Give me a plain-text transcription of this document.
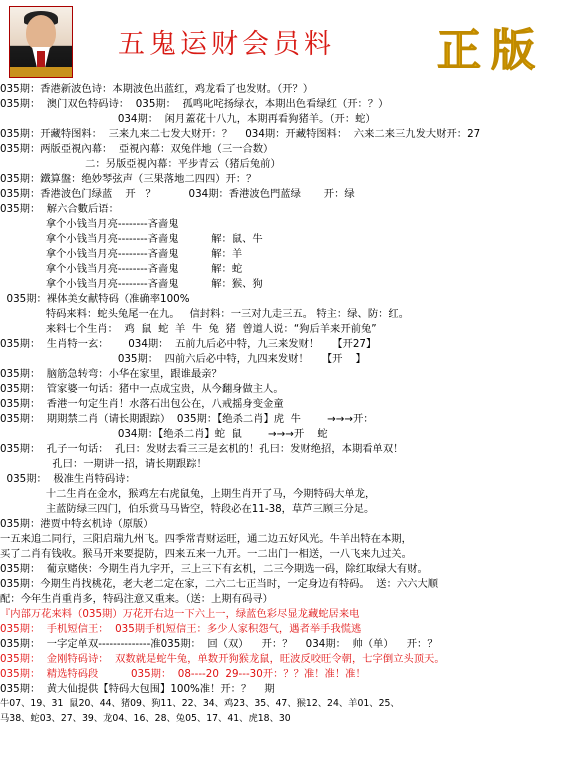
五鬼运财会员料 正版
035期：香港新波色诗：本期波色出蓝红，鸡龙看了也发财。（开？）
035期：  澳门双色特码诗：  035期：  孤鸣叱咤扬绿衣，本期出色看绿红（开：？）
034期：  闲月蓋花十八九，本期再看狗猪羊。（开：蛇）
035期：开藏特图料：  三来九来二七发大财开：？    034期：开藏特图料：  六来二来三九发大财开：27
035期：两版亞視內幕：  亞視內幕：双兔伴地（三一合数）
二：另版亞視內幕：平步青云（猪后兔前）
035期：鐵算盤：绝妙琴弦声（三果落地二四四）开：？
035期：香港波色门绿蓝    开   ？          034期：香港波色門蓝绿       开：绿
035期：  解六合數后语：
拿个小钱当月亮--------吝啬鬼
拿个小钱当月亮--------吝啬鬼          解：鼠、牛
拿个小钱当月亮--------吝啬鬼          解：羊
拿个小钱当月亮--------吝啬鬼          解：蛇
拿个小钱当月亮--------吝啬鬼          解：猴、狗
035期：裸体美女献特码（准确率100%
特码来料：蛇头兔尾一在九。   信封料：一三对九走三五。 特主：绿、防：红。
来料七个生肖：  鸡  鼠  蛇  羊  牛  兔  猪  曾道人说：“狗后羊来开前兔”
035期：  生肖特一玄：      034期：  五前九后必中特，九三来发财！    【开27】
035期：  四前六后必中特，九四来发财！    【开    】
035期：  脑筋急转弯：小华在家里，跟谁最亲？
035期：  管家婆一句话：猪中一点成宝贵，从今翻身做主人。
035期：  香港一句定生肖！水落石出包公在，八戒摇身变金童
035期：  期期禁二肖（请长期跟踪）  035期：【绝杀二肖】虎  牛        →→→开：
034期：【绝杀二肖】蛇  鼠        →→→开    蛇
035期：  孔子一句话：  孔曰：发财去看三三是玄机的！孔曰：发财绝招，本期看单双！
孔曰：一期讲一招，请长期跟踪！
035期：  极准生肖特码诗：
十二生肖在金水，猴鸡左右虎鼠兔，上期生肖开了马，今期特码大单龙，
主蓝防绿三四门，伯乐赏马马皆空，特段必在11-38，草芦三顾三分足。
035期：港贾中特玄机诗（原版）
一五来追二同行，三阳启瑞九州飞。四季常青财运旺，通二边五好风光。牛羊出特在本期，
买了二肖有钱收。猴马开来要提防，四来五来一九开。一二出门一相送，一八飞来九过关。
035期：  葡京赌侠：今期生肖九字开，三上三下有玄机，二三今期选一码，除红取绿大有财。
035期：今期生肖找桃花，老大老二定在家，二六二七正当时，一定身边有特码。  送：六六大顺
配：今年生肖重肖多，特码注意又重来。（送：上期有码寻）
『内部万花来料（035期）万花开右边一下六上一，绿蓝色彩尽显龙藏蛇居来电
035期：  手机短信王：  035期手机短信王：多少人家积怨气，遇者举手我慌逃
035期：  一字定单双--------------准035期：  回（双）    开：？    034期：  帅（单）    开：？
035期：  金刚特码诗：  双数就是蛇牛兔，单数开狗猴龙鼠，旺波反咬旺令朝，七字倒立头顶天。
035期：  精选特码段          035期：  08----20  29---30开：？？准！准！准！
035期：  黄大仙提供【特码大包围】100%准！开：？    期
牛07、19、31  鼠20、44、猪09、狗11、22、34、鸡23、35、47、猴12、24、羊01、25、
马38、蛇03、27、39、龙04、16、28、兔05、17、41、虎18、30
